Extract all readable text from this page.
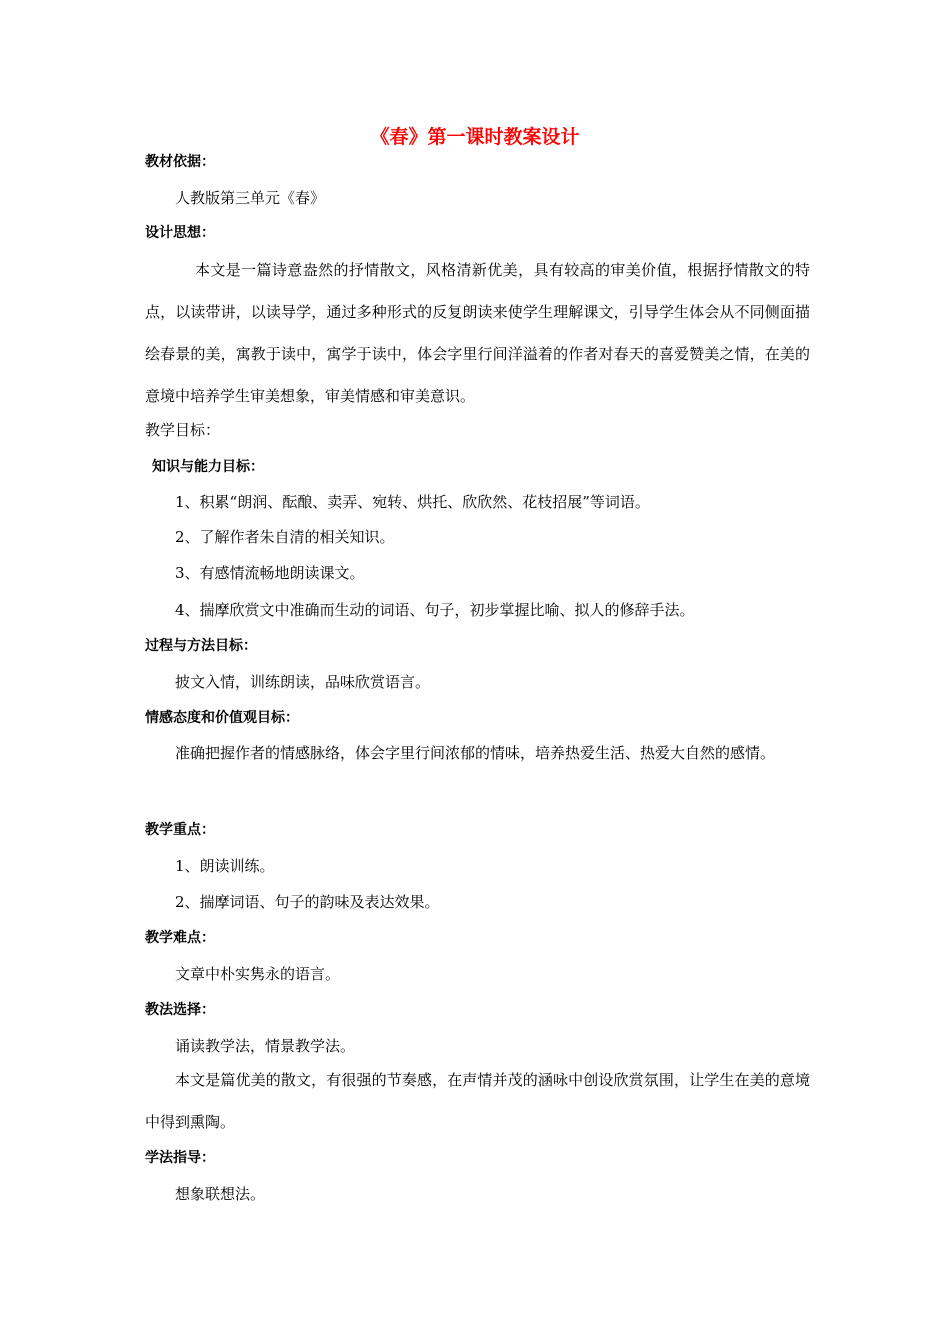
《春》第一课时教案设计

教材依据：

人教版第三单元《春》

设计思想：

本文是一篇诗意盎然的抒情散文，风格清新优美，具有较高的审美价值，根据抒情散文的特点，以读带讲，以读导学，通过多种形式的反复朗读来使学生理解课文，引导学生体会从不同侧面描绘春景的美，寓教于读中，寓学于读中，体会字里行间洋溢着的作者对春天的喜爱赞美之情，在美的意境中培养学生审美想象，审美情感和审美意识。

教学目标：

知识与能力目标：

1、积累“朗润、酝酿、卖弄、宛转、烘托、欣欣然、花枝招展”等词语。

2、了解作者朱自清的相关知识。

3、有感情流畅地朗读课文。

4、揣摩欣赏文中准确而生动的词语、句子，初步掌握比喻、拟人的修辞手法。

过程与方法目标：

披文入情，训练朗读，品味欣赏语言。

情感态度和价值观目标：

准确把握作者的情感脉络，体会字里行间浓郁的情味，培养热爱生活、热爱大自然的感情。

教学重点：

1、朗读训练。

2、揣摩词语、句子的韵味及表达效果。

教学难点：

文章中朴实隽永的语言。

教法选择：

诵读教学法，情景教学法。

本文是篇优美的散文，有很强的节奏感，在声情并茂的涵咏中创设欣赏氛围，让学生在美的意境中得到熏陶。

学法指导：

想象联想法。
